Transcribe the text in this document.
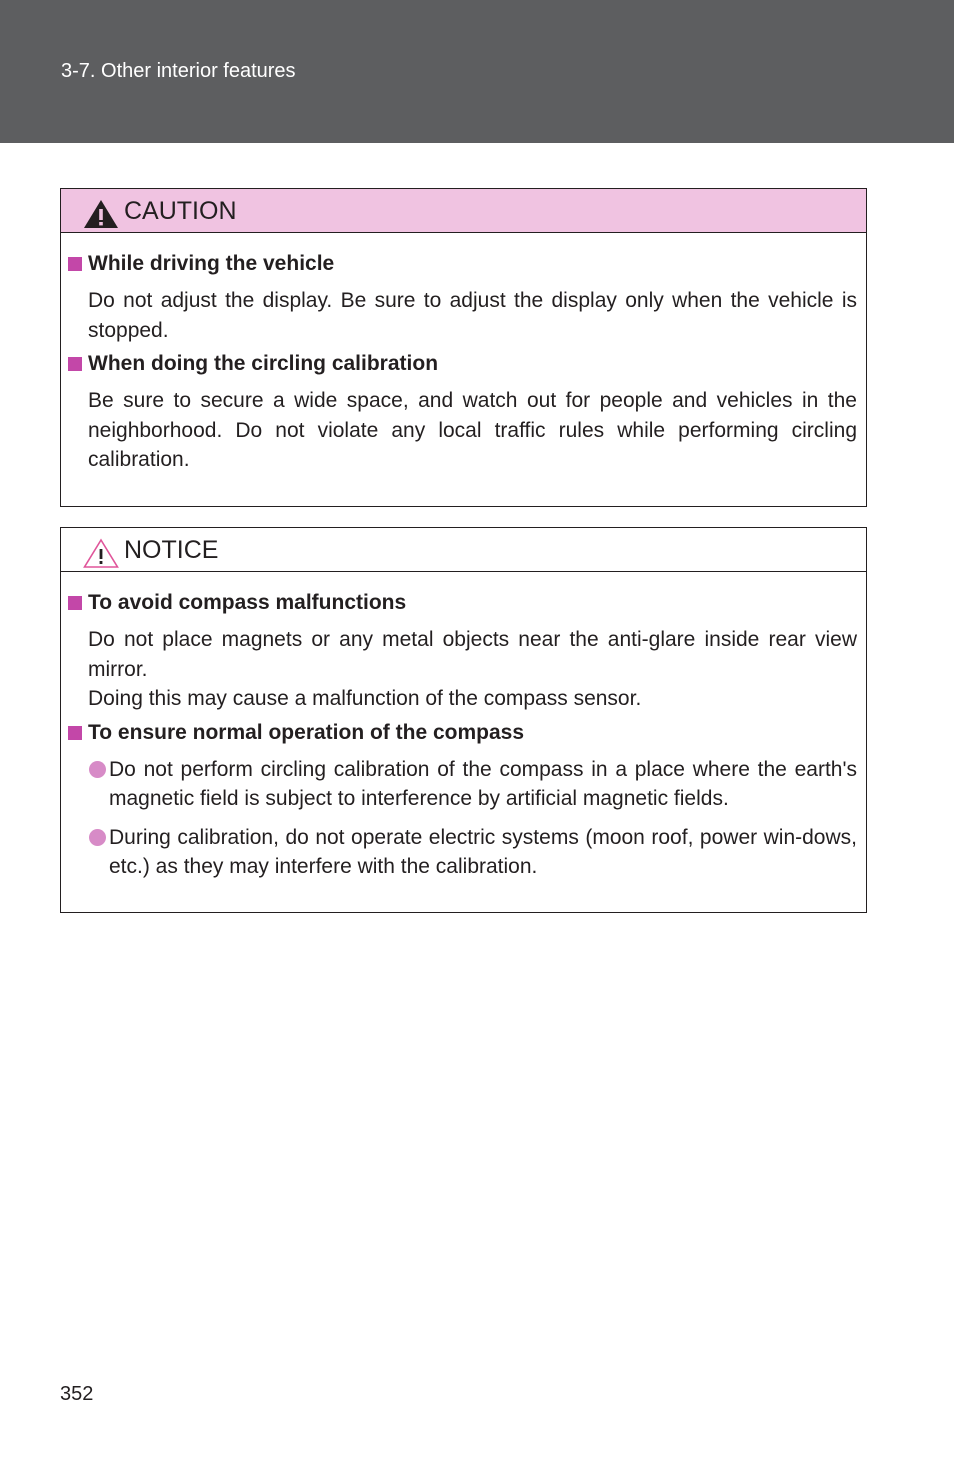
3-7. Other interior features
CAUTION
While driving the vehicle
Do not adjust the display. Be sure to adjust the display only when the vehicle is stopped.
When doing the circling calibration
Be sure to secure a wide space, and watch out for people and vehicles in the neighborhood. Do not violate any local traffic rules while performing circling calibration.
NOTICE
To avoid compass malfunctions
Do not place magnets or any metal objects near the anti-glare inside rear view mirror.
Doing this may cause a malfunction of the compass sensor.
To ensure normal operation of the compass
Do not perform circling calibration of the compass in a place where the earth's magnetic field is subject to interference by artificial magnetic fields.
During calibration, do not operate electric systems (moon roof, power win-dows, etc.) as they may interfere with the calibration.
352
